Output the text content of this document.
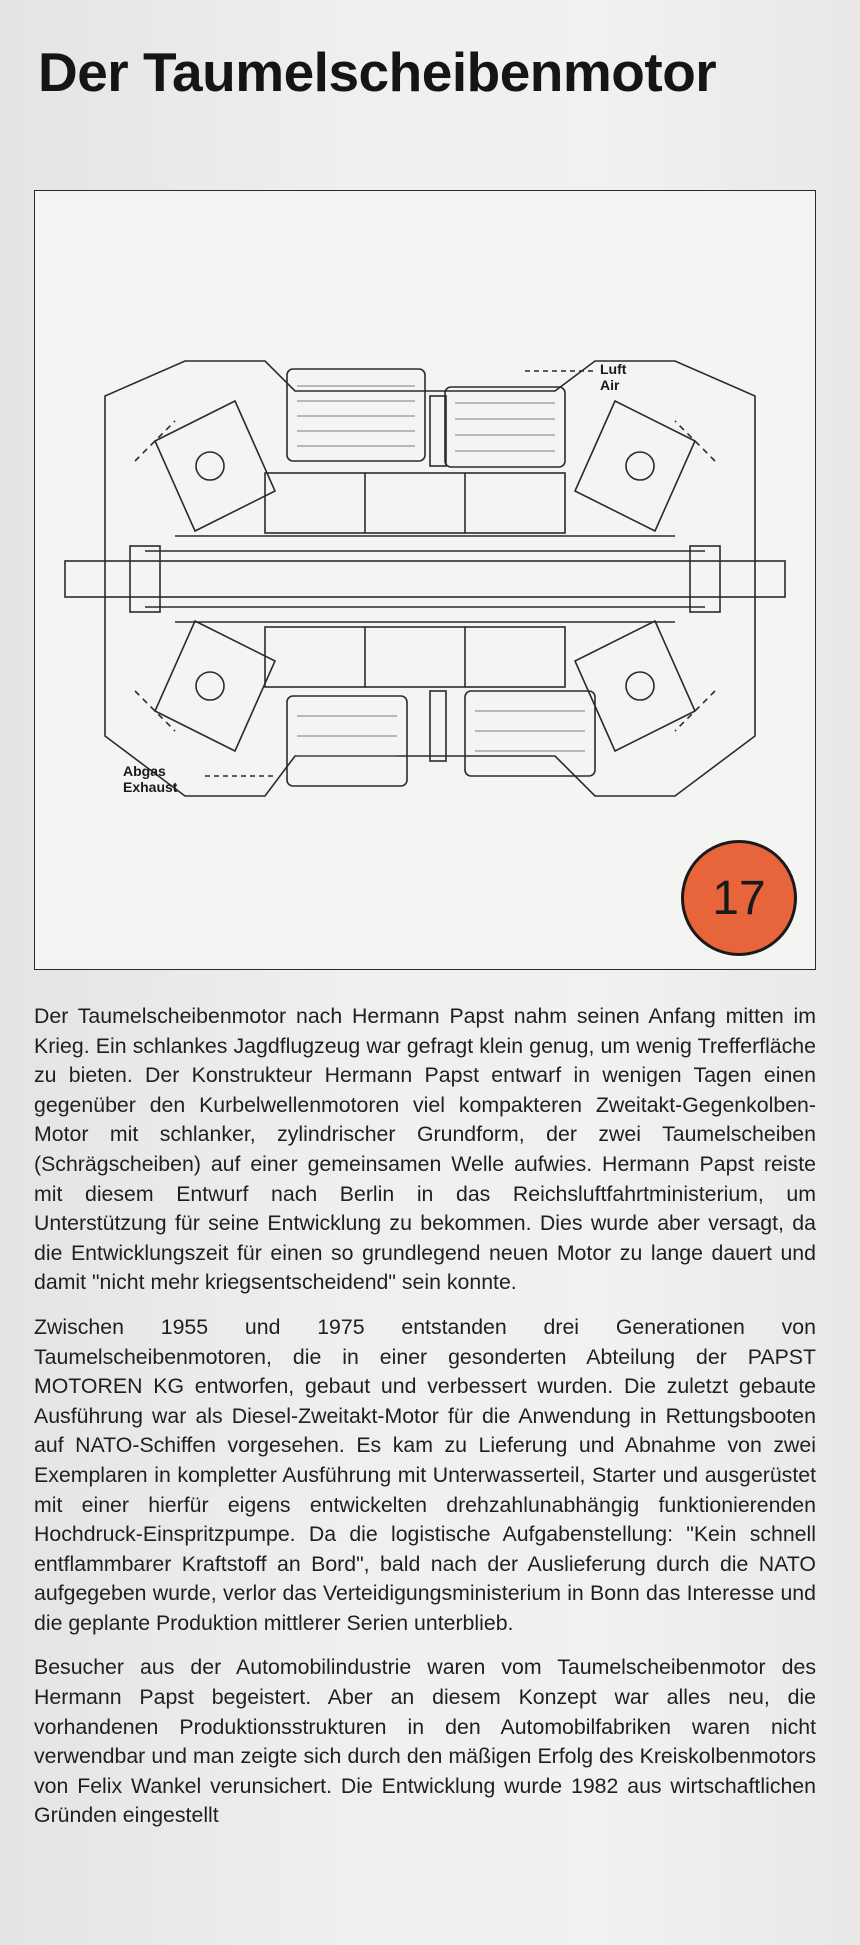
Der Taumelscheibenmotor
Luft
Air
Abgas
Exhaust
17

Der Taumelscheibenmotor nach Hermann Papst nahm seinen Anfang mitten im Krieg. Ein schlankes Jagdflugzeug war gefragt klein genug, um wenig Trefferfläche zu bieten. Der Konstrukteur Hermann Papst entwarf in wenigen Tagen einen gegenüber den Kurbelwellenmotoren viel kompakteren Zweitakt-Gegenkolben-Motor mit schlanker, zylindrischer Grundform, der zwei Taumelscheiben (Schrägscheiben) auf einer gemeinsamen Welle aufwies. Hermann Papst reiste mit diesem Entwurf nach Berlin in das Reichsluftfahrtministerium, um Unterstützung für seine Entwicklung zu bekommen. Dies wurde aber versagt, da die Entwicklungszeit für einen so grundlegend neuen Motor zu lange dauert und damit "nicht mehr kriegsentscheidend" sein konnte.

Zwischen 1955 und 1975 entstanden drei Generationen von Taumelscheibenmotoren, die in einer gesonderten Abteilung der PAPST MOTOREN KG entworfen, gebaut und verbessert wurden. Die zuletzt gebaute Ausführung war als Diesel-Zweitakt-Motor für die Anwendung in Rettungsbooten auf NATO-Schiffen vorgesehen. Es kam zu Lieferung und Abnahme von zwei Exemplaren in kompletter Ausführung mit Unterwasserteil, Starter und ausgerüstet mit einer hierfür eigens entwickelten drehzahlunabhängig funktionierenden Hochdruck-Einspritzpumpe. Da die logistische Aufgabenstellung: "Kein schnell entflammbarer Kraftstoff an Bord", bald nach der Auslieferung durch die NATO aufgegeben wurde, verlor das Verteidigungsministerium in Bonn das Interesse und die geplante Produktion mittlerer Serien unterblieb.

Besucher aus der Automobilindustrie waren vom Taumelscheibenmotor des Hermann Papst begeistert. Aber an diesem Konzept war alles neu, die vorhandenen Produktionsstrukturen in den Automobilfabriken waren nicht verwendbar und man zeigte sich durch den mäßigen Erfolg des Kreiskolbenmotors von Felix Wankel verunsichert. Die Entwicklung wurde 1982 aus wirtschaftlichen Gründen eingestellt
